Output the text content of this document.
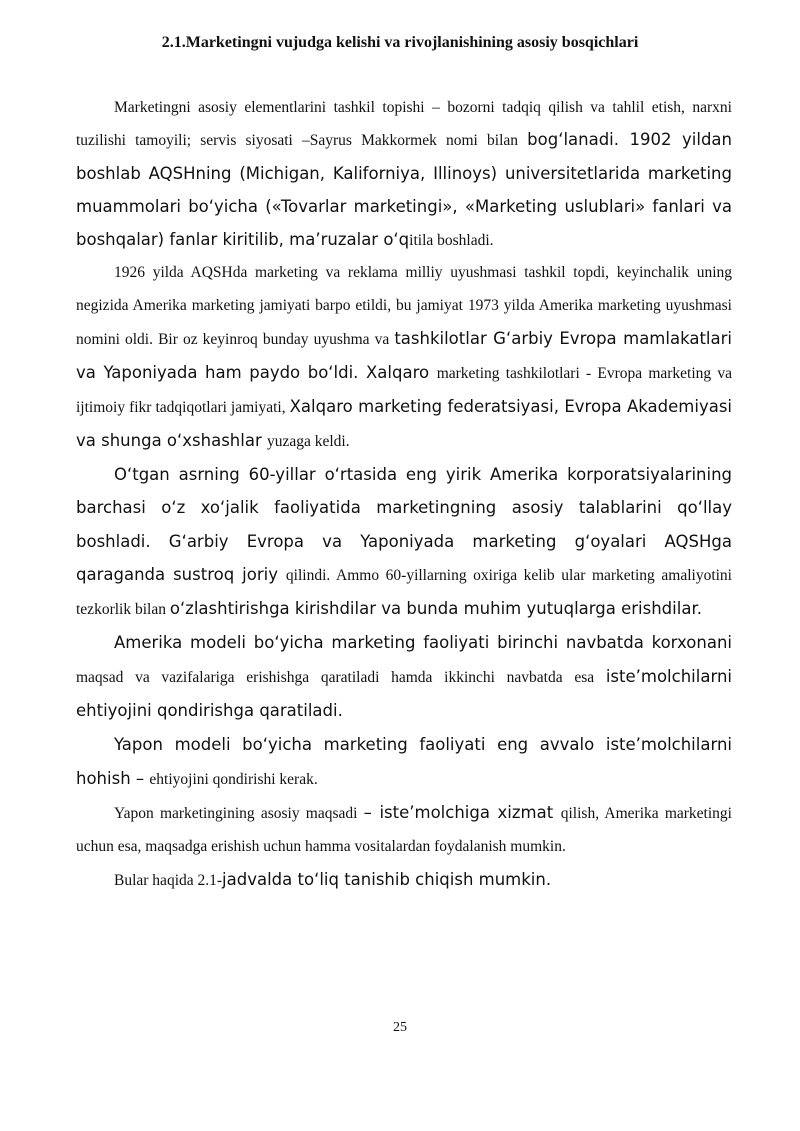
2.1.Marketingni vujudga kelishi va rivojlanishining asosiy bosqichlari

Marketingni asosiy elementlarini tashkil topishi – bozorni tadqiq qilish va tahlil etish, narxni tuzilishi tamoyili; servis siyosati –Sayrus Makkormek nomi bilan bog‘lanadi. 1902 yildan boshlab AQSHning (Michigan, Kaliforniya, Illinoys) universitetlarida marketing muammolari bo‘yicha («Tovarlar marketingi», «Marketing uslublari» fanlari va boshqalar) fanlar kiritilib, ma’ruzalar o‘qitila boshladi.

1926 yilda AQSHda marketing va reklama milliy uyushmasi tashkil topdi, keyinchalik uning negizida Amerika marketing jamiyati barpo etildi, bu jamiyat 1973 yilda Amerika marketing uyushmasi nomini oldi. Bir oz keyinroq bunday uyushma va tashkilotlar G‘arbiy Evropa mamlakatlari va Yaponiyada ham paydo bo‘ldi. Xalqaro marketing tashkilotlari - Evropa marketing va ijtimoiy fikr tadqiqotlari jamiyati, Xalqaro marketing federatsiyasi, Evropa Akademiyasi va shunga o‘xshashlar yuzaga keldi.

O‘tgan asrning 60-yillar o‘rtasida eng yirik Amerika korporatsiyalarining barchasi o‘z xo‘jalik faoliyatida marketingning asosiy talablarini qo‘llay boshladi. G‘arbiy Evropa va Yaponiyada marketing g‘oyalari AQSHga qaraganda sustroq joriy qilindi. Ammo 60-yillarning oxiriga kelib ular marketing amaliyotini tezkorlik bilan o‘zlashtirishga kirishdilar va bunda muhim yutuqlarga erishdilar.

Amerika modeli bo‘yicha marketing faoliyati birinchi navbatda korxonani maqsad va vazifalariga erishishga qaratiladi hamda ikkinchi navbatda esa iste’molchilarni ehtiyojini qondirishga qaratiladi.

Yapon modeli bo‘yicha marketing faoliyati eng avvalo iste’molchilarni hohish – ehtiyojini qondirishi kerak.

Yapon marketingining asosiy maqsadi – iste’molchiga xizmat qilish, Amerika marketingi uchun esa, maqsadga erishish uchun hamma vositalardan foydalanish mumkin.

Bular haqida 2.1-jadvalda to‘liq tanishib chiqish mumkin.

25
